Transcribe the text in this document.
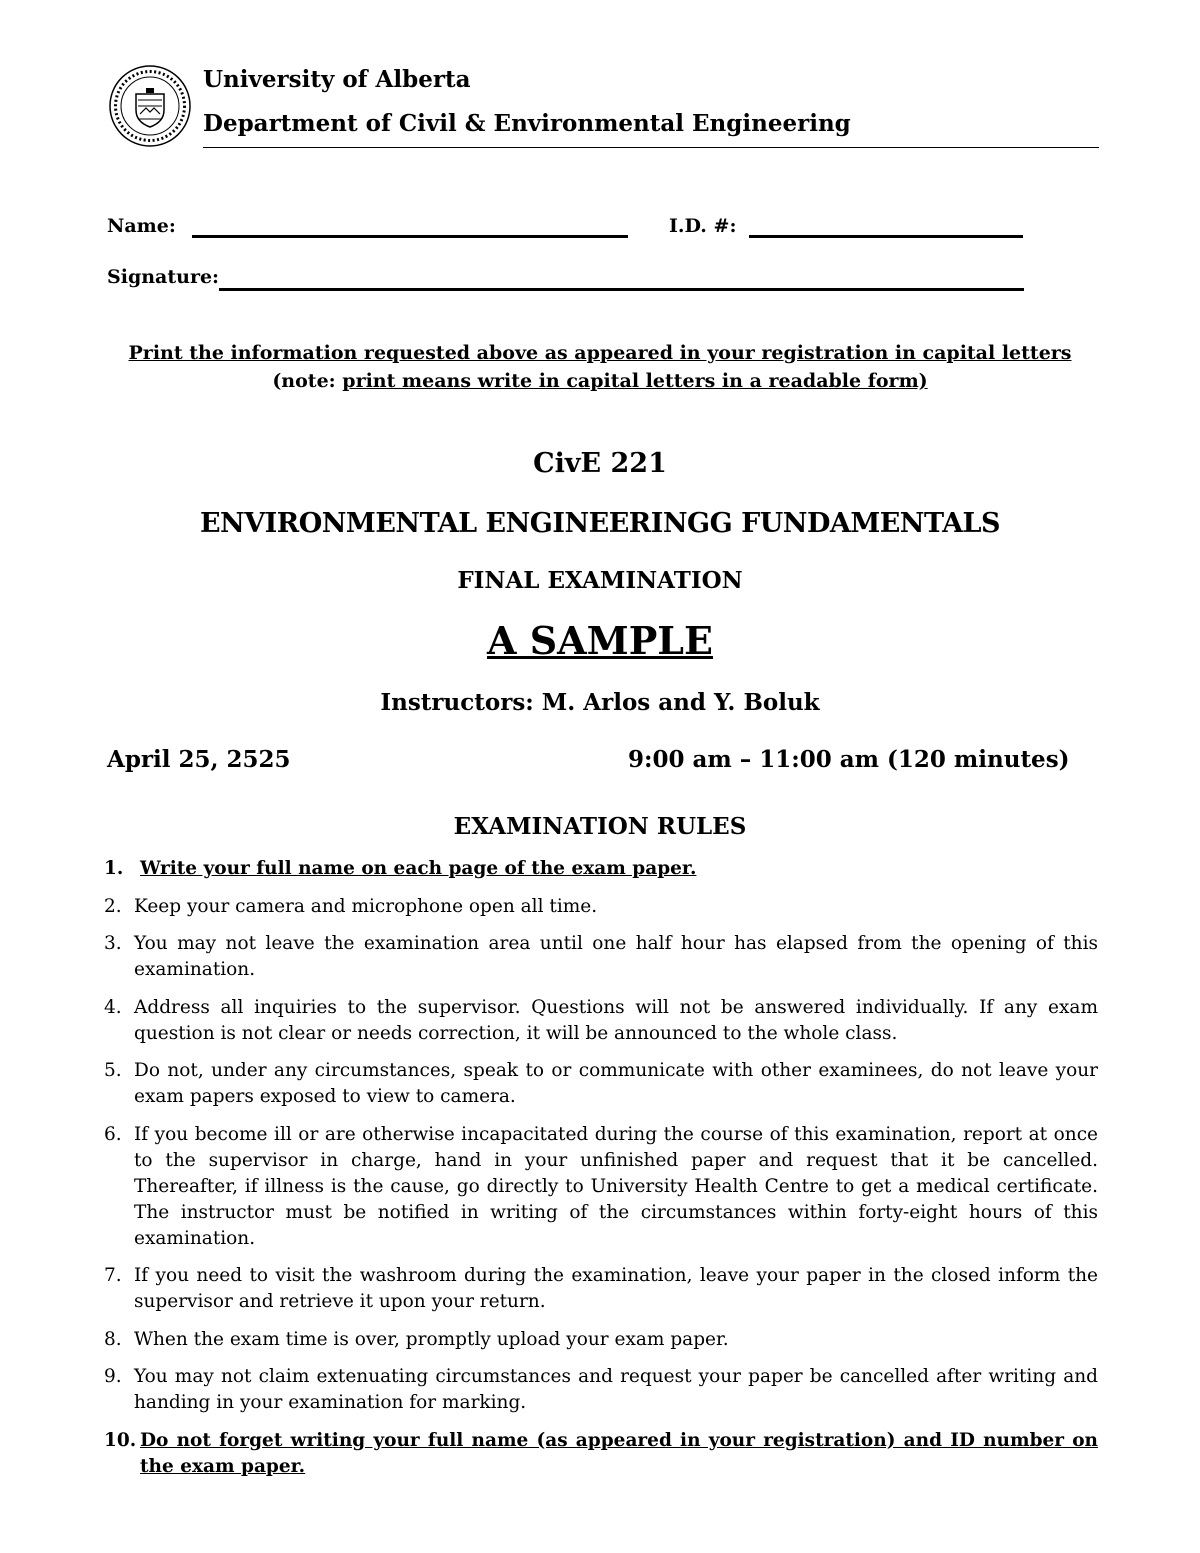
University of Alberta
Department of Civil & Environmental Engineering
Name:	I.D. #:
Signature:
Print the information requested above as appeared in your registration in capital letters
(note: print means write in capital letters in a readable form)
CivE 221
ENVIRONMENTAL ENGINEERINGG FUNDAMENTALS
FINAL EXAMINATION
A SAMPLE
Instructors: M. Arlos and Y. Boluk
April 25, 2525	9:00 am – 11:00 am (120 minutes)
EXAMINATION RULES
1. Write your full name on each page of the exam paper.
2. Keep your camera and microphone open all time.
3. You may not leave the examination area until one half hour has elapsed from the opening of this examination.
4. Address all inquiries to the supervisor. Questions will not be answered individually. If any exam question is not clear or needs correction, it will be announced to the whole class.
5. Do not, under any circumstances, speak to or communicate with other examinees, do not leave your exam papers exposed to view to camera.
6. If you become ill or are otherwise incapacitated during the course of this examination, report at once to the supervisor in charge, hand in your unfinished paper and request that it be cancelled. Thereafter, if illness is the cause, go directly to University Health Centre to get a medical certificate. The instructor must be notified in writing of the circumstances within forty-eight hours of this examination.
7. If you need to visit the washroom during the examination, leave your paper in the closed inform the supervisor and retrieve it upon your return.
8. When the exam time is over, promptly upload your exam paper.
9. You may not claim extenuating circumstances and request your paper be cancelled after writing and handing in your examination for marking.
10. Do not forget writing your full name (as appeared in your registration) and ID number on the exam paper.
